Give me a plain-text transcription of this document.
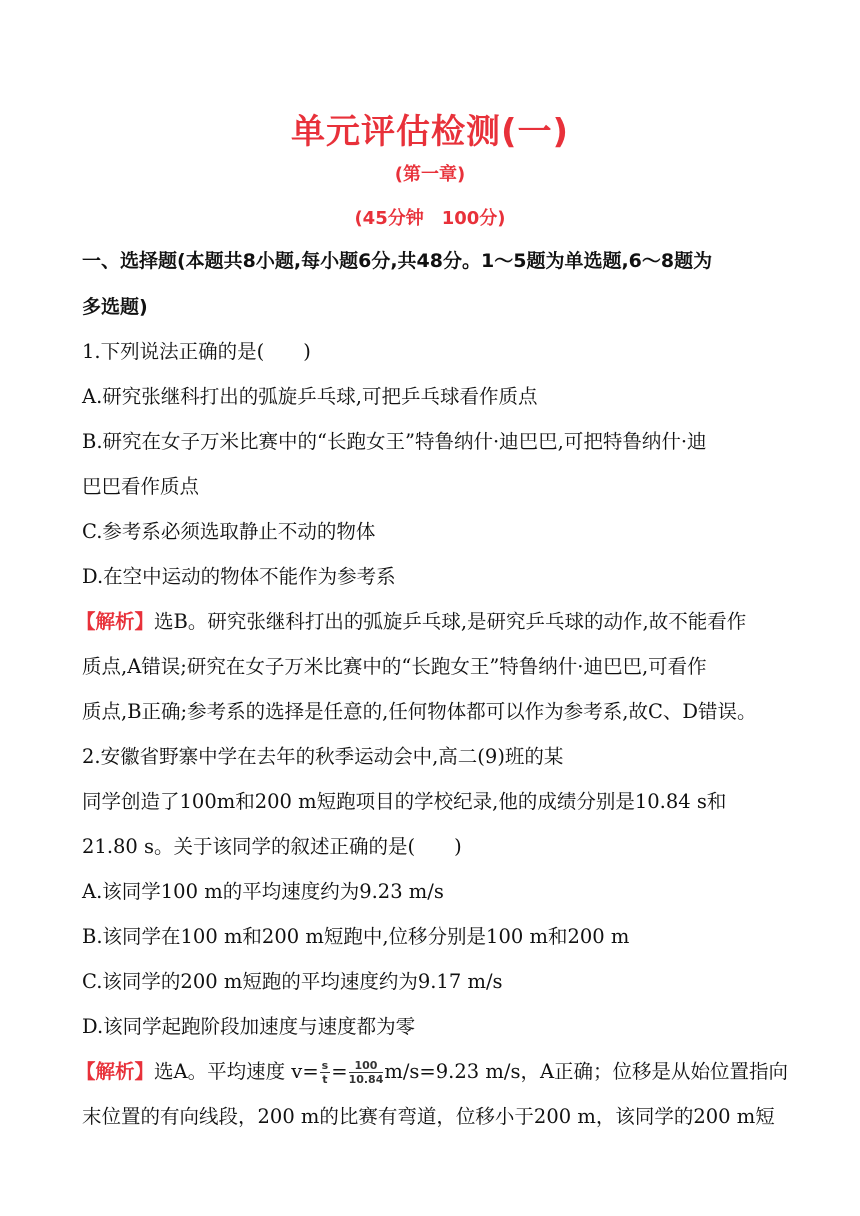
单元评估检测(一)
(第一章)
(45分钟　100分)
一、选择题(本题共8小题,每小题6分,共48分。1～5题为单选题,6～8题为
多选题)
1.下列说法正确的是(　　)
A.研究张继科打出的弧旋乒乓球,可把乒乓球看作质点
B.研究在女子万米比赛中的“长跑女王”特鲁纳什·迪巴巴,可把特鲁纳什·迪
巴巴看作质点
C.参考系必须选取静止不动的物体
D.在空中运动的物体不能作为参考系
【解析】选B。研究张继科打出的弧旋乒乓球,是研究乒乓球的动作,故不能看作
质点,A错误;研究在女子万米比赛中的“长跑女王”特鲁纳什·迪巴巴,可看作
质点,B正确;参考系的选择是任意的,任何物体都可以作为参考系,故C、D错误。
2.安徽省野寨中学在去年的秋季运动会中,高二(9)班的某
同学创造了100m和200 m短跑项目的学校纪录,他的成绩分别是10.84 s和
21.80 s。关于该同学的叙述正确的是(　　)
A.该同学100 m的平均速度约为9.23 m/s
B.该同学在100 m和200 m短跑中,位移分别是100 m和200 m
C.该同学的200 m短跑的平均速度约为9.17 m/s
D.该同学起跑阶段加速度与速度都为零
【解析】选A。平均速度 $v= \frac{s}{t} = \frac{100}{10.84} m/s=9.23$ m/s，A正确；位移是从始位置指向
末位置的有向线段，200 m的比赛有弯道，位移小于200 m，该同学的200 m短
